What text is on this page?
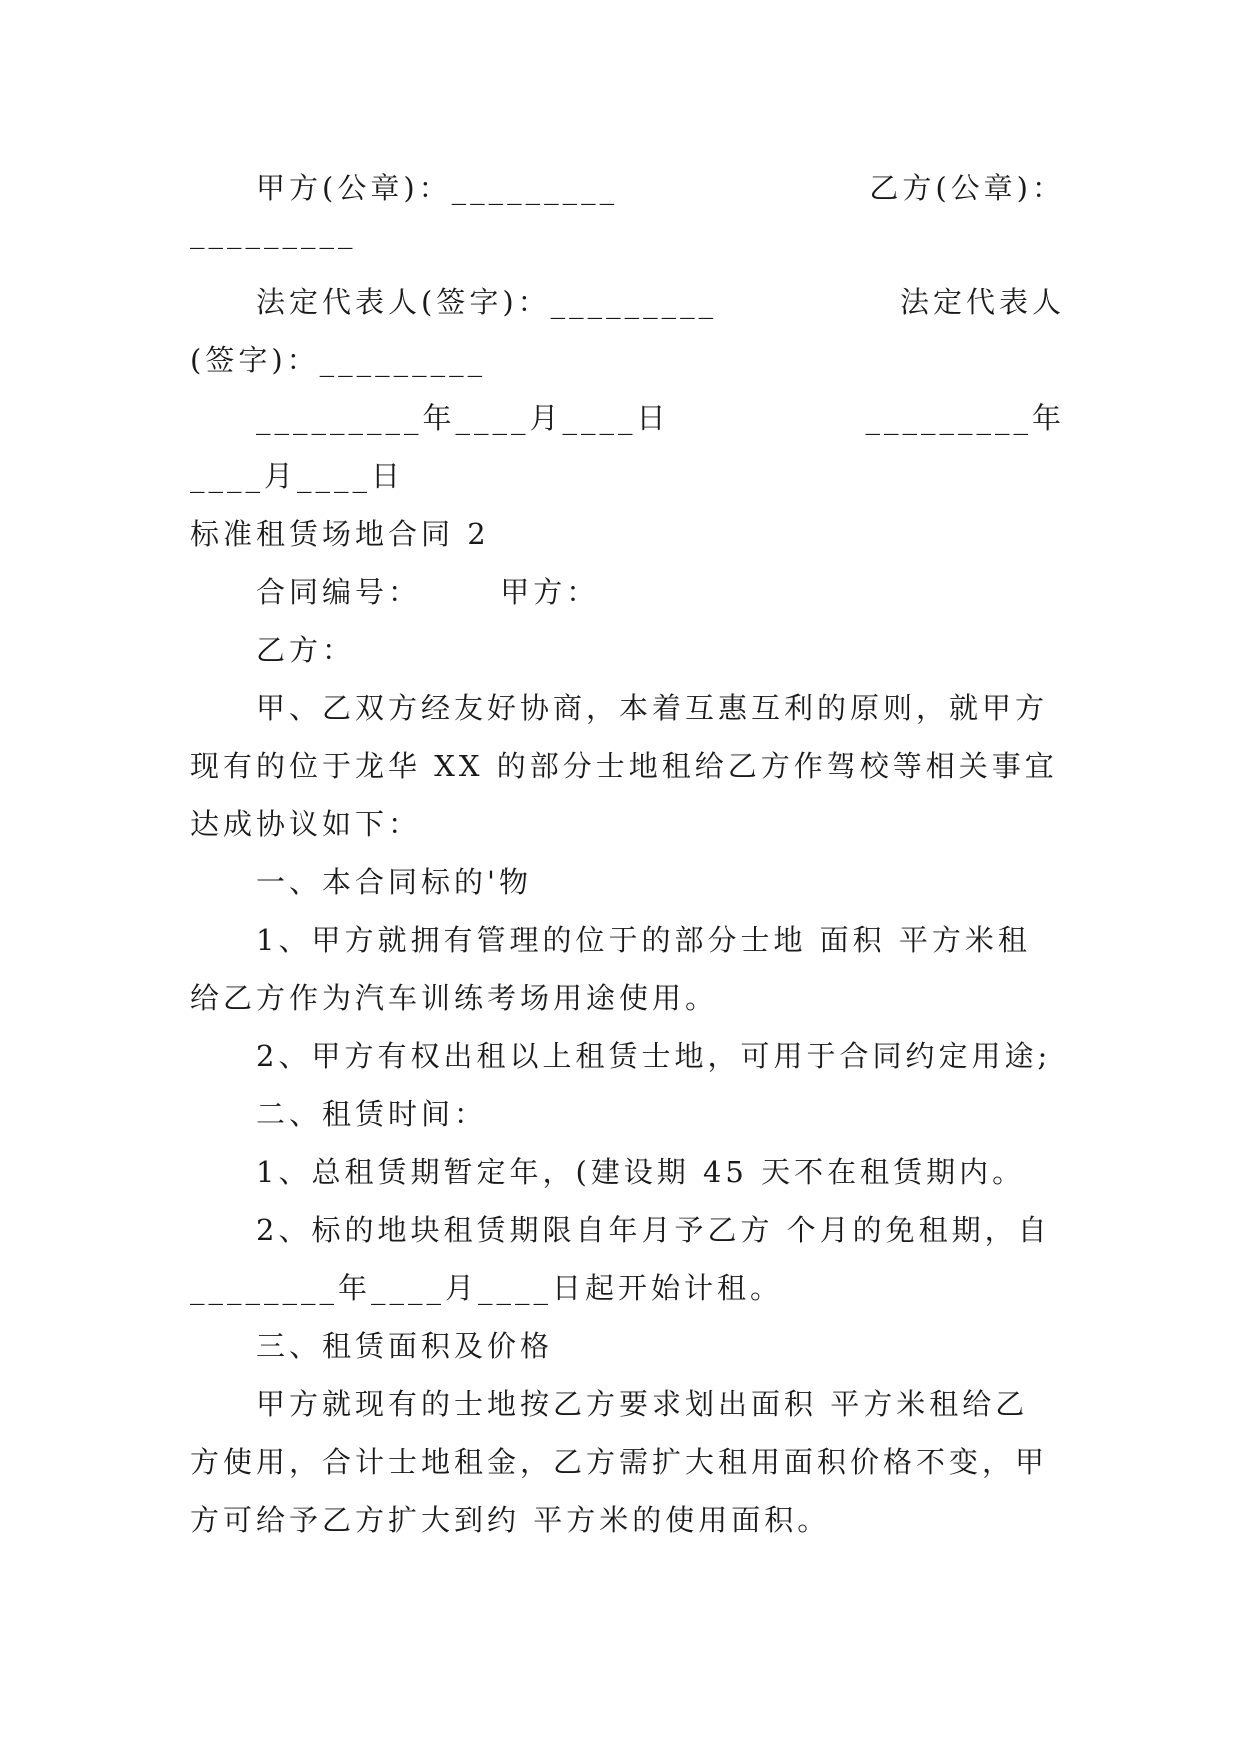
甲方(公章)：_________	乙方(公章)：
_________
法定代表人(签字)：_________	法定代表人
(签字)：_________
_________年____月____日	_________年
____月____日
标准租赁场地合同 2
合同编号：      甲方：
乙方：
甲、乙双方经友好协商，本着互惠互利的原则，就甲方
现有的位于龙华 XX 的部分士地租给乙方作驾校等相关事宜
达成协议如下：
一、本合同标的'物
1、甲方就拥有管理的位于的部分士地 面积 平方米租
给乙方作为汽车训练考场用途使用。
2、甲方有权出租以上租赁士地，可用于合同约定用途;
二、租赁时间：
1、总租赁期暂定年，(建设期 45 天不在租赁期内。
2、标的地块租赁期限自年月予乙方 个月的免租期，自
________年____月____日起开始计租。
三、租赁面积及价格
甲方就现有的士地按乙方要求划出面积 平方米租给乙
方使用，合计士地租金，乙方需扩大租用面积价格不变，甲
方可给予乙方扩大到约 平方米的使用面积。
